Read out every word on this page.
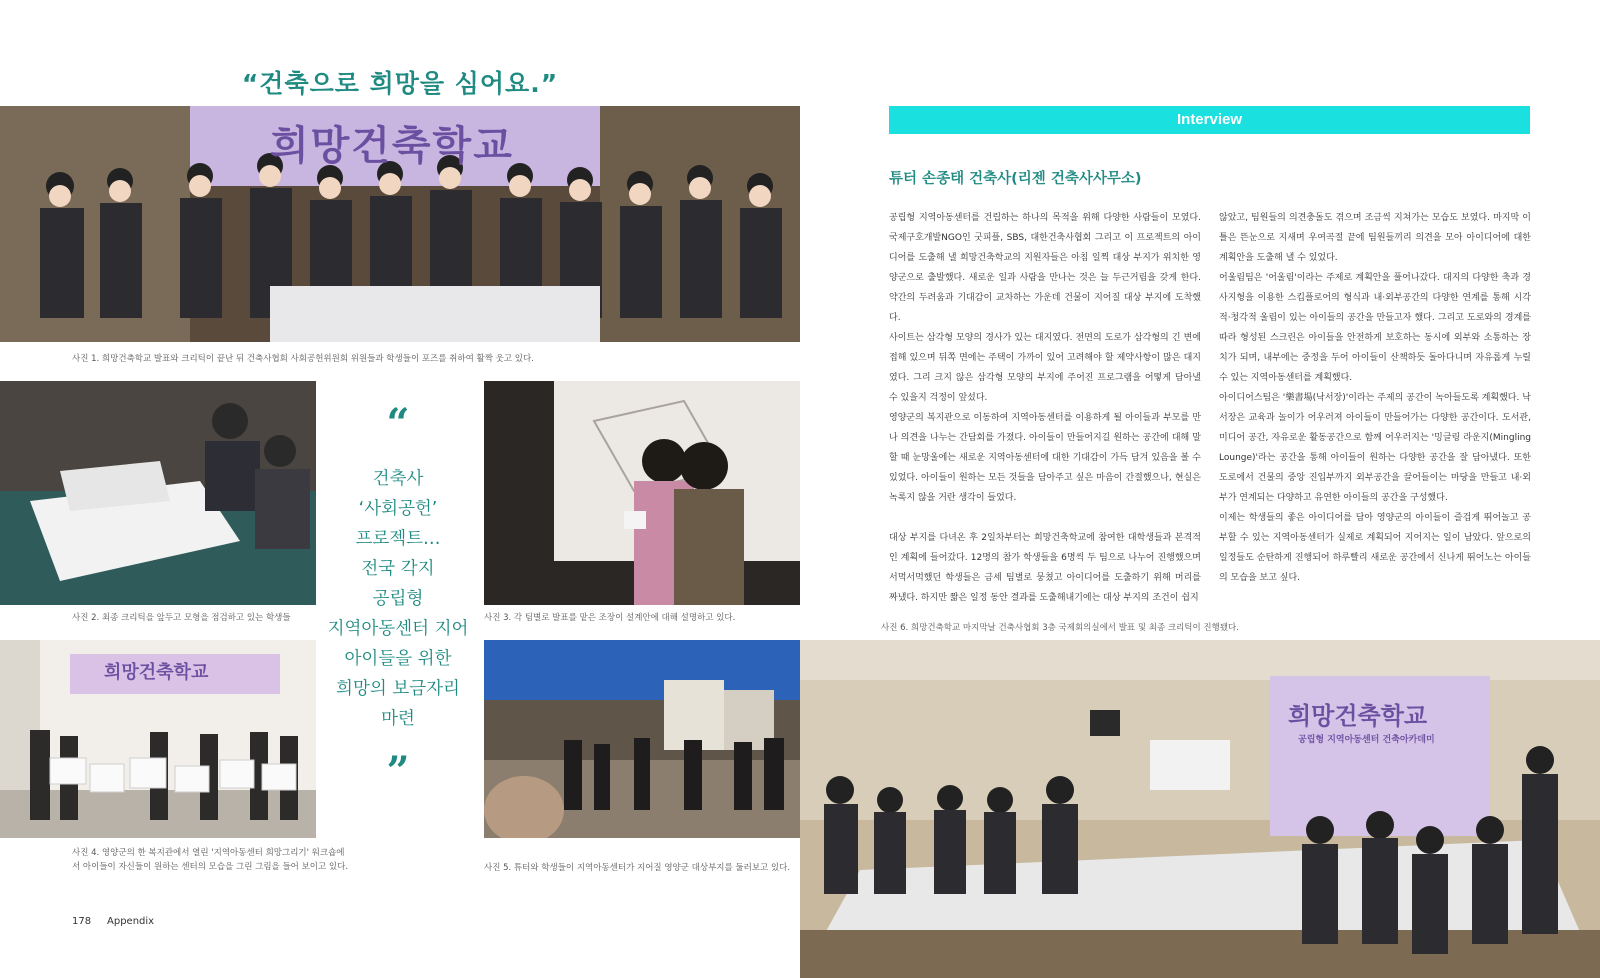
“건축으로 희망을 심어요.”
희망건축학교
사진 1. 희망건축학교 발표와 크리틱이 끝난 뒤 건축사협회 사회공헌위원회 위원들과 학생들이 포즈를 취하여 활짝 웃고 있다.
사진 2. 최종 크리틱을 앞두고 모형을 점검하고 있는 학생들
“
건축사
‘사회공헌’
프로젝트…
전국 각지
공립형
지역아동센터 지어
아이들을 위한
희망의 보금자리
마련
”
사진 3. 각 팀별로 발표를 맡은 조장이 설계안에 대해 설명하고 있다.
희망건축학교
사진 4. 영양군의 한 복지관에서 열린 '지역아동센터 희망그리기' 워크숍에
서 아이들이 자신들이 원하는 센터의 모습을 그린 그림을 들어 보이고 있다.	사진 5. 튜터와 학생들이 지역아동센터가 지어질 영양군 대상부지를 둘러보고 있다.
178 Appendix
Interview
튜터 손종태 건축사(리젠 건축사사무소)

공립형 지역아동센터를 건립하는 하나의 목적을 위해 다양한 사람들이 모였다. 국제구호개발NGO인 굿피플, SBS, 대한건축사협회 그리고 이 프로젝트의 아이디어를 도출해 낼 희망건축학교의 지원자들은 아침 일찍 대상 부지가 위치한 영양군으로 출발했다. 새로운 일과 사람을 만나는 것은 늘 두근거림을 갖게 한다. 약간의 두려움과 기대감이 교차하는 가운데 건물이 지어질 대상 부지에 도착했다.

사이트는 삼각형 모양의 경사가 있는 대지였다. 전면의 도로가 삼각형의 긴 변에 접해 있으며 뒤쪽 면에는 주택이 가까이 있어 고려해야 할 제약사항이 많은 대지였다. 그리 크지 않은 삼각형 모양의 부지에 주어진 프로그램을 어떻게 담아낼 수 있을지 걱정이 앞섰다.

영양군의 복지관으로 이동하여 지역아동센터를 이용하게 될 아이들과 부모를 만나 의견을 나누는 간담회를 가졌다. 아이들이 만들어지길 원하는 공간에 대해 말할 때 눈망울에는 새로운 지역아동센터에 대한 기대감이 가득 담겨 있음을 볼 수 있었다. 아이들이 원하는 모든 것들을 담아주고 싶은 마음이 간절했으나, 현실은 녹록지 않을 거란 생각이 들었다.

대상 부지를 다녀온 후 2일차부터는 희망건축학교에 참여한 대학생들과 본격적인 계획에 들어갔다. 12명의 참가 학생들을 6명씩 두 팀으로 나누어 진행했으며 서먹서먹했던 학생들은 금세 팀별로 뭉쳤고 아이디어를 도출하기 위해 머리를 짜냈다. 하지만 짧은 일정 동안 결과를 도출해내기에는 대상 부지의 조건이 쉽지

않았고, 팀원들의 의견충돌도 겪으며 조금씩 지쳐가는 모습도 보였다. 마지막 이틀은 뜬눈으로 지새며 우여곡절 끝에 팀원들끼리 의견을 모아 아이디어에 대한 계획안을 도출해 낼 수 있었다.

어울림팀은 '어울림'이라는 주제로 계획안을 풀어나갔다. 대지의 다양한 축과 경사지형을 이용한 스킵플로어의 형식과 내·외부공간의 다양한 연계를 통해 시각적·청각적 울림이 있는 아이들의 공간을 만들고자 했다. 그리고 도로와의 경계를 따라 형성된 스크린은 아이들을 안전하게 보호하는 동시에 외부와 소통하는 장치가 되며, 내부에는 중정을 두어 아이들이 산책하듯 돌아다니며 자유롭게 누릴 수 있는 지역아동센터를 계획했다.

아이디어스팀은 '樂書場(낙서장)'이라는 주제의 공간이 녹아들도록 계획했다. 낙서장은 교육과 놀이가 어우러져 아이들이 만들어가는 다양한 공간이다. 도서관, 미디어 공간, 자유로운 활동공간으로 함께 어우러지는 '밍글링 라운지(Mingling Lounge)'라는 공간을 통해 아이들이 원하는 다양한 공간을 잘 담아냈다. 또한 도로에서 건물의 중앙 진입부까지 외부공간을 끌어들이는 마당을 만들고 내·외부가 연계되는 다양하고 유연한 아이들의 공간을 구성했다.

이제는 학생들의 좋은 아이디어를 담아 영양군의 아이들이 즐겁게 뛰어놀고 공부할 수 있는 지역아동센터가 실제로 계획되어 지어지는 일이 남았다. 앞으로의 일정들도 순탄하게 진행되어 하루빨리 새로운 공간에서 신나게 뛰어노는 아이들의 모습을 보고 싶다.

사진 6. 희망건축학교 마지막날 건축사협회 3층 국제회의실에서 발표 및 최종 크리틱이 진행됐다.
희망건축학교
공립형 지역아동센터 건축아카데미
